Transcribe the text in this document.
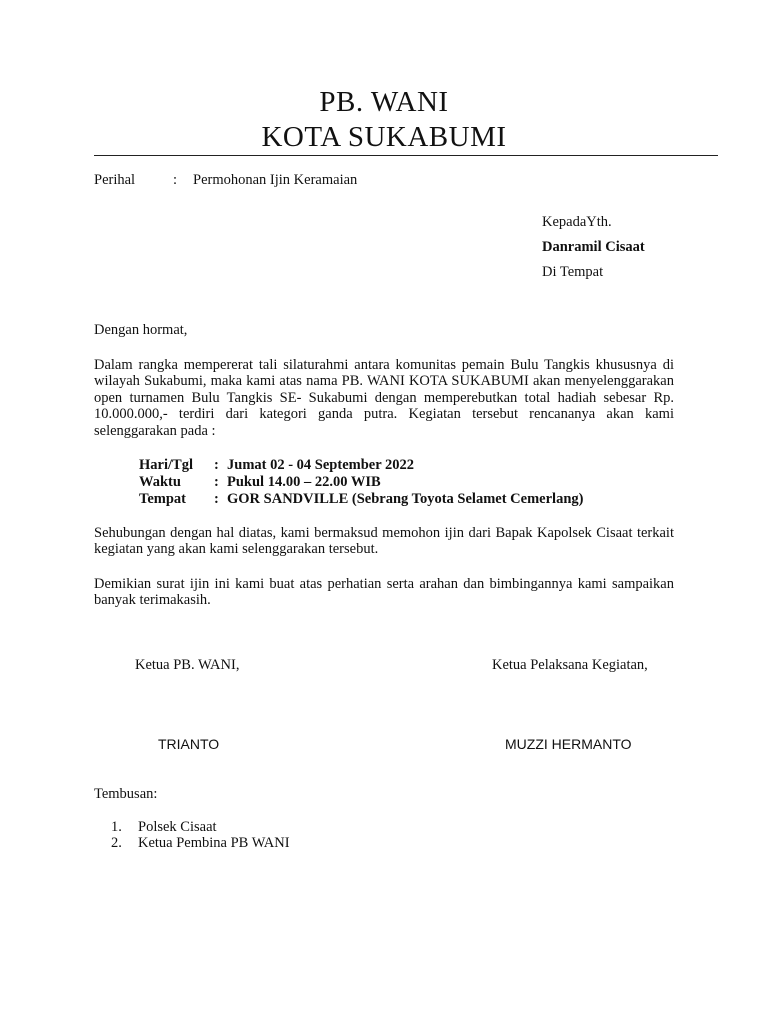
PB. WANI
KOTA SUKABUMI
Perihal	: Permohonan Ijin Keramaian
KepadaYth.
Danramil Cisaat
Di Tempat
Dengan hormat,
Dalam rangka mempererat tali silaturahmi antara komunitas pemain Bulu Tangkis khususnya di wilayah Sukabumi, maka kami atas nama PB. WANI KOTA SUKABUMI akan menyelenggarakan open turnamen Bulu Tangkis SE- Sukabumi dengan memperebutkan total hadiah sebesar Rp. 10.000.000,- terdiri dari kategori ganda putra. Kegiatan tersebut rencananya akan kami selenggarakan pada :
Hari/Tgl : Jumat 02 - 04 September 2022
Waktu : Pukul 14.00 – 22.00 WIB
Tempat : GOR SANDVILLE (Sebrang Toyota Selamet Cemerlang)
Sehubungan dengan hal diatas, kami bermaksud memohon ijin dari Bapak Kapolsek Cisaat terkait kegiatan yang akan kami selenggarakan tersebut.
Demikian surat ijin ini kami buat atas perhatian serta arahan dan bimbingannya kami sampaikan banyak terimakasih.
Ketua PB. WANI,	Ketua Pelaksana Kegiatan,
TRIANTO	MUZZI HERMANTO
Tembusan:
1. Polsek Cisaat
2. Ketua Pembina PB WANI
